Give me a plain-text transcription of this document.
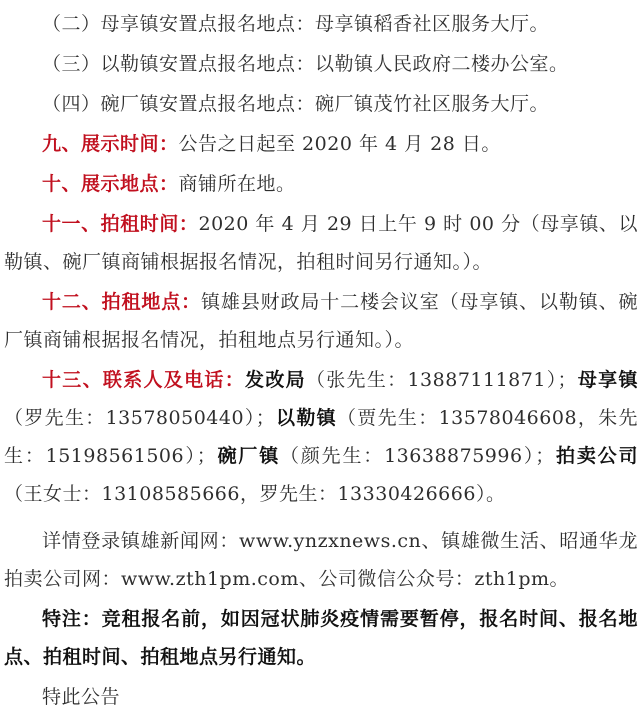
（二）母享镇安置点报名地点：母享镇稻香社区服务大厅。

（三）以勒镇安置点报名地点：以勒镇人民政府二楼办公室。

（四）碗厂镇安置点报名地点：碗厂镇茂竹社区服务大厅。

九、展示时间：公告之日起至 2020 年 4 月 28 日。

十、展示地点：商铺所在地。

十一、拍租时间：2020 年 4 月 29 日上午 9 时 00 分（母享镇、以勒镇、碗厂镇商铺根据报名情况，拍租时间另行通知。）。

十二、拍租地点：镇雄县财政局十二楼会议室（母享镇、以勒镇、碗厂镇商铺根据报名情况，拍租地点另行通知。）。

十三、联系人及电话：发改局（张先生：13887111871）；母享镇（罗先生：13578050440）；以勒镇（贾先生：13578046608，朱先生：15198561506）；碗厂镇（颜先生：13638875996）；拍卖公司（王女士：13108585666，罗先生：13330426666）。

详情登录镇雄新闻网：www.ynzxnews.cn、镇雄微生活、昭通华龙拍卖公司网：www.zth1pm.com、公司微信公众号：zth1pm。

特注：竞租报名前，如因冠状肺炎疫情需要暂停，报名时间、报名地点、拍租时间、拍租地点另行通知。

特此公告
